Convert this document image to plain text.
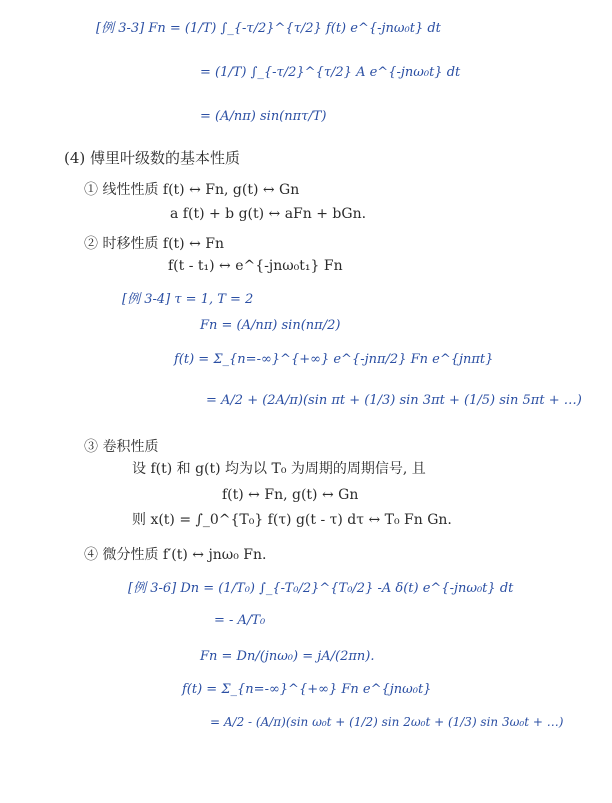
[例 3-3] Fn = (1/T) ∫_{-τ/2}^{τ/2} f(t) e^{-jnω₀t} dt
= (1/T) ∫_{-τ/2}^{τ/2} A e^{-jnω₀t} dt
= (A/nπ) sin(nπτ/T)
(4) 傅里叶级数的基本性质
① 线性性质 f(t) ↔ Fn, g(t) ↔ Gn
a f(t) + b g(t) ↔ aFn + bGn.
② 时移性质 f(t) ↔ Fn
f(t - t₁) ↔ e^{-jnω₀t₁} Fn
[例 3-4] τ = 1, T = 2
Fn = (A/nπ) sin(nπ/2)
f(t) = Σ_{n=-∞}^{+∞} e^{-jnπ/2} Fn e^{jnπt}
= A/2 + (2A/π)(sin πt + (1/3) sin 3πt + (1/5) sin 5πt + …)
③ 卷积性质
设 f(t) 和 g(t) 均为以 T₀ 为周期的周期信号, 且
f(t) ↔ Fn, g(t) ↔ Gn
则 x(t) = ∫_0^{T₀} f(τ) g(t - τ) dτ ↔ T₀ Fn Gn.
④ 微分性质 f′(t) ↔ jnω₀ Fn.
[例 3-6] Dn = (1/T₀) ∫_{-T₀/2}^{T₀/2} -A δ(t) e^{-jnω₀t} dt
= - A/T₀
Fn = Dn/(jnω₀) = jA/(2πn).
f(t) = Σ_{n=-∞}^{+∞} Fn e^{jnω₀t}
= A/2 - (A/π)(sin ω₀t + (1/2) sin 2ω₀t + (1/3) sin 3ω₀t + …)
